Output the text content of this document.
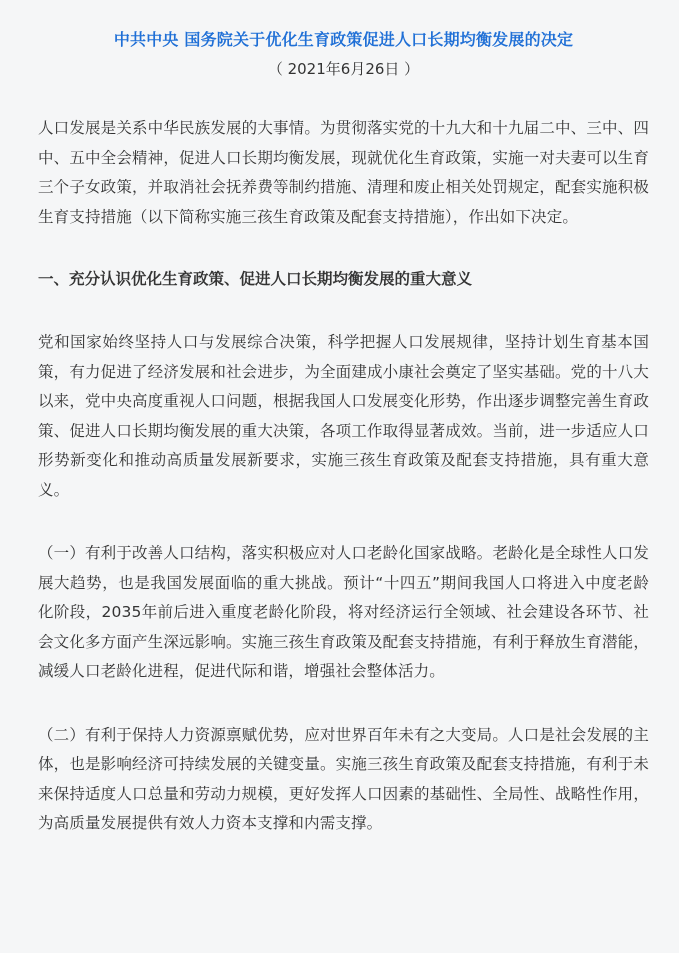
中共中央 国务院关于优化生育政策促进人口长期均衡发展的决定

（ 2021年6月26日 ）

人口发展是关系中华民族发展的大事情。为贯彻落实党的十九大和十九届二中、三中、四中、五中全会精神，促进人口长期均衡发展，现就优化生育政策，实施一对夫妻可以生育三个子女政策，并取消社会抚养费等制约措施、清理和废止相关处罚规定，配套实施积极生育支持措施（以下简称实施三孩生育政策及配套支持措施），作出如下决定。

一、充分认识优化生育政策、促进人口长期均衡发展的重大意义

党和国家始终坚持人口与发展综合决策，科学把握人口发展规律，坚持计划生育基本国策，有力促进了经济发展和社会进步，为全面建成小康社会奠定了坚实基础。党的十八大以来，党中央高度重视人口问题，根据我国人口发展变化形势，作出逐步调整完善生育政策、促进人口长期均衡发展的重大决策，各项工作取得显著成效。当前，进一步适应人口形势新变化和推动高质量发展新要求，实施三孩生育政策及配套支持措施，具有重大意义。

（一）有利于改善人口结构，落实积极应对人口老龄化国家战略。老龄化是全球性人口发展大趋势，也是我国发展面临的重大挑战。预计“十四五”期间我国人口将进入中度老龄化阶段，2035年前后进入重度老龄化阶段，将对经济运行全领域、社会建设各环节、社会文化多方面产生深远影响。实施三孩生育政策及配套支持措施，有利于释放生育潜能，减缓人口老龄化进程，促进代际和谐，增强社会整体活力。

（二）有利于保持人力资源禀赋优势，应对世界百年未有之大变局。人口是社会发展的主体，也是影响经济可持续发展的关键变量。实施三孩生育政策及配套支持措施，有利于未来保持适度人口总量和劳动力规模，更好发挥人口因素的基础性、全局性、战略性作用，为高质量发展提供有效人力资本支撑和内需支撑。
